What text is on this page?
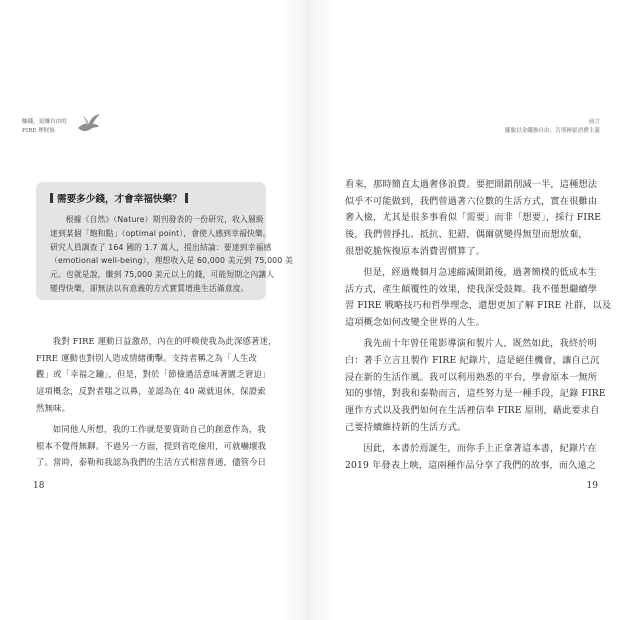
賺錢，更賺自由的
FIRE 理財族
需要多少錢，才會幸福快樂？
根據《自然》（Nature）期刊發表的一份研究，收入層級
達到某個「飽和點」（optimal point），會使人感到幸福快樂。
研究人員調查了 164 國的 1.7 萬人，提出結論：要達到幸福感
（emotional well-being），理想收入是 60,000 美元到 75,000 美
元。也就是說，賺到 75,000 美元以上的錢，可能短期之內讓人
變得快樂，卻無法以有意義的方式實質增進生活滿意度。
我對 FIRE 運動日益激昂，內在的呼喚使我為此深感著迷，
FIRE 運動也對別人造成情緒衝擊。支持者稱之為「人生改
觀」或「幸福之鑰」，但是，對於「節儉過活意味著匱乏窘迫」
這項概念，反對者嗤之以鼻，並認為在 40 歲就退休，保證索
然無味。
如同他人所想，我的工作就是要資助自己的創意作為，我
根本不覺得無聊。不過另一方面，提到省吃儉用，可就嚇壞我
了。當時，泰勒和我認為我們的生活方式相當普通，儘管今日
18
前言
擺脫以金錢換自由，告別揮霍消費主義
看來，那時簡直太過奢侈浪費。要把開銷削減一半，這種想法
似乎不可能做到，我們曾過著六位數的生活方式，實在很難由
奢入儉，尤其是很多事看似「需要」而非「想要」，採行 FIRE
後，我們曾掙扎、抵抗、犯錯，偶爾就變得無望而想放棄，
很想乾脆恢復原本消費習慣算了。
但是，經過幾個月急速縮減開銷後，過著簡樸的低成本生
活方式，產生顛覆性的效果，使我深受鼓舞。我不僅想繼續學
習 FIRE 戰略技巧和哲學理念，還想更加了解 FIRE 社群，以及
這項概念如何改變全世界的人生。
我先前十年曾任電影導演和製片人，既然如此，我終於明
白：著手立言且製作 FIRE 紀錄片，這是絕佳機會，讓自己沉
浸在新的生活作風。我可以利用熟悉的平台，學會原本一無所
知的事情，對我和泰勒而言，這些努力是一種手段，記錄 FIRE
運作方式以及我們如何在生活裡信奉 FIRE 原則，藉此要求自
己要持續維持新的生活方式。
因此，本書於焉誕生，而你手上正拿著這本書，紀錄片在
2019 年發表上映，這兩種作品分享了我們的故事，而久遠之
19
